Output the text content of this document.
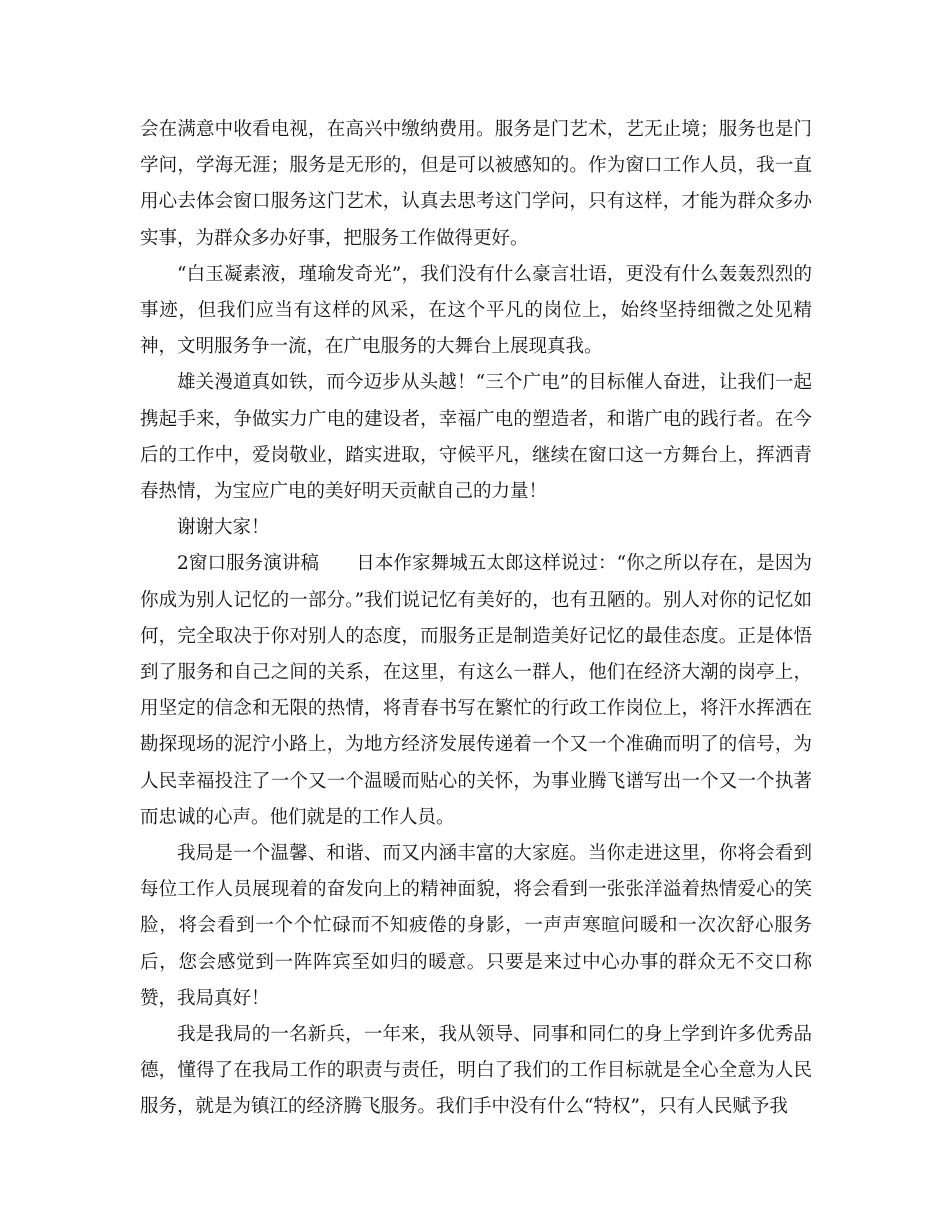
会在满意中收看电视，在高兴中缴纳费用。服务是门艺术，艺无止境；服务也是门学问，学海无涯；服务是无形的，但是可以被感知的。作为窗口工作人员，我一直用心去体会窗口服务这门艺术，认真去思考这门学问，只有这样，才能为群众多办实事，为群众多办好事，把服务工作做得更好。

“白玉凝素液，瑾瑜发奇光”，我们没有什么豪言壮语，更没有什么轰轰烈烈的事迹，但我们应当有这样的风采，在这个平凡的岗位上，始终坚持细微之处见精神，文明服务争一流，在广电服务的大舞台上展现真我。

雄关漫道真如铁，而今迈步从头越！“三个广电”的目标催人奋进，让我们一起携起手来，争做实力广电的建设者，幸福广电的塑造者，和谐广电的践行者。在今后的工作中，爱岗敬业，踏实进取，守候平凡，继续在窗口这一方舞台上，挥洒青春热情，为宝应广电的美好明天贡献自己的力量！

谢谢大家！

2窗口服务演讲稿　　日本作家舞城五太郎这样说过：“你之所以存在，是因为你成为别人记忆的一部分。”我们说记忆有美好的，也有丑陋的。别人对你的记忆如何，完全取决于你对别人的态度，而服务正是制造美好记忆的最佳态度。正是体悟到了服务和自己之间的关系，在这里，有这么一群人，他们在经济大潮的岗亭上，用坚定的信念和无限的热情，将青春书写在繁忙的行政工作岗位上，将汗水挥洒在勘探现场的泥泞小路上，为地方经济发展传递着一个又一个准确而明了的信号，为人民幸福投注了一个又一个温暖而贴心的关怀，为事业腾飞谱写出一个又一个执著而忠诚的心声。他们就是的工作人员。

我局是一个温馨、和谐、而又内涵丰富的大家庭。当你走进这里，你将会看到每位工作人员展现着的奋发向上的精神面貌，将会看到一张张洋溢着热情爱心的笑脸，将会看到一个个忙碌而不知疲倦的身影，一声声寒暄问暖和一次次舒心服务后，您会感觉到一阵阵宾至如归的暖意。只要是来过中心办事的群众无不交口称赞，我局真好！

我是我局的一名新兵，一年来，我从领导、同事和同仁的身上学到许多优秀品德，懂得了在我局工作的职责与责任，明白了我们的工作目标就是全心全意为人民服务，就是为镇江的经济腾飞服务。我们手中没有什么“特权”，只有人民赋予我
